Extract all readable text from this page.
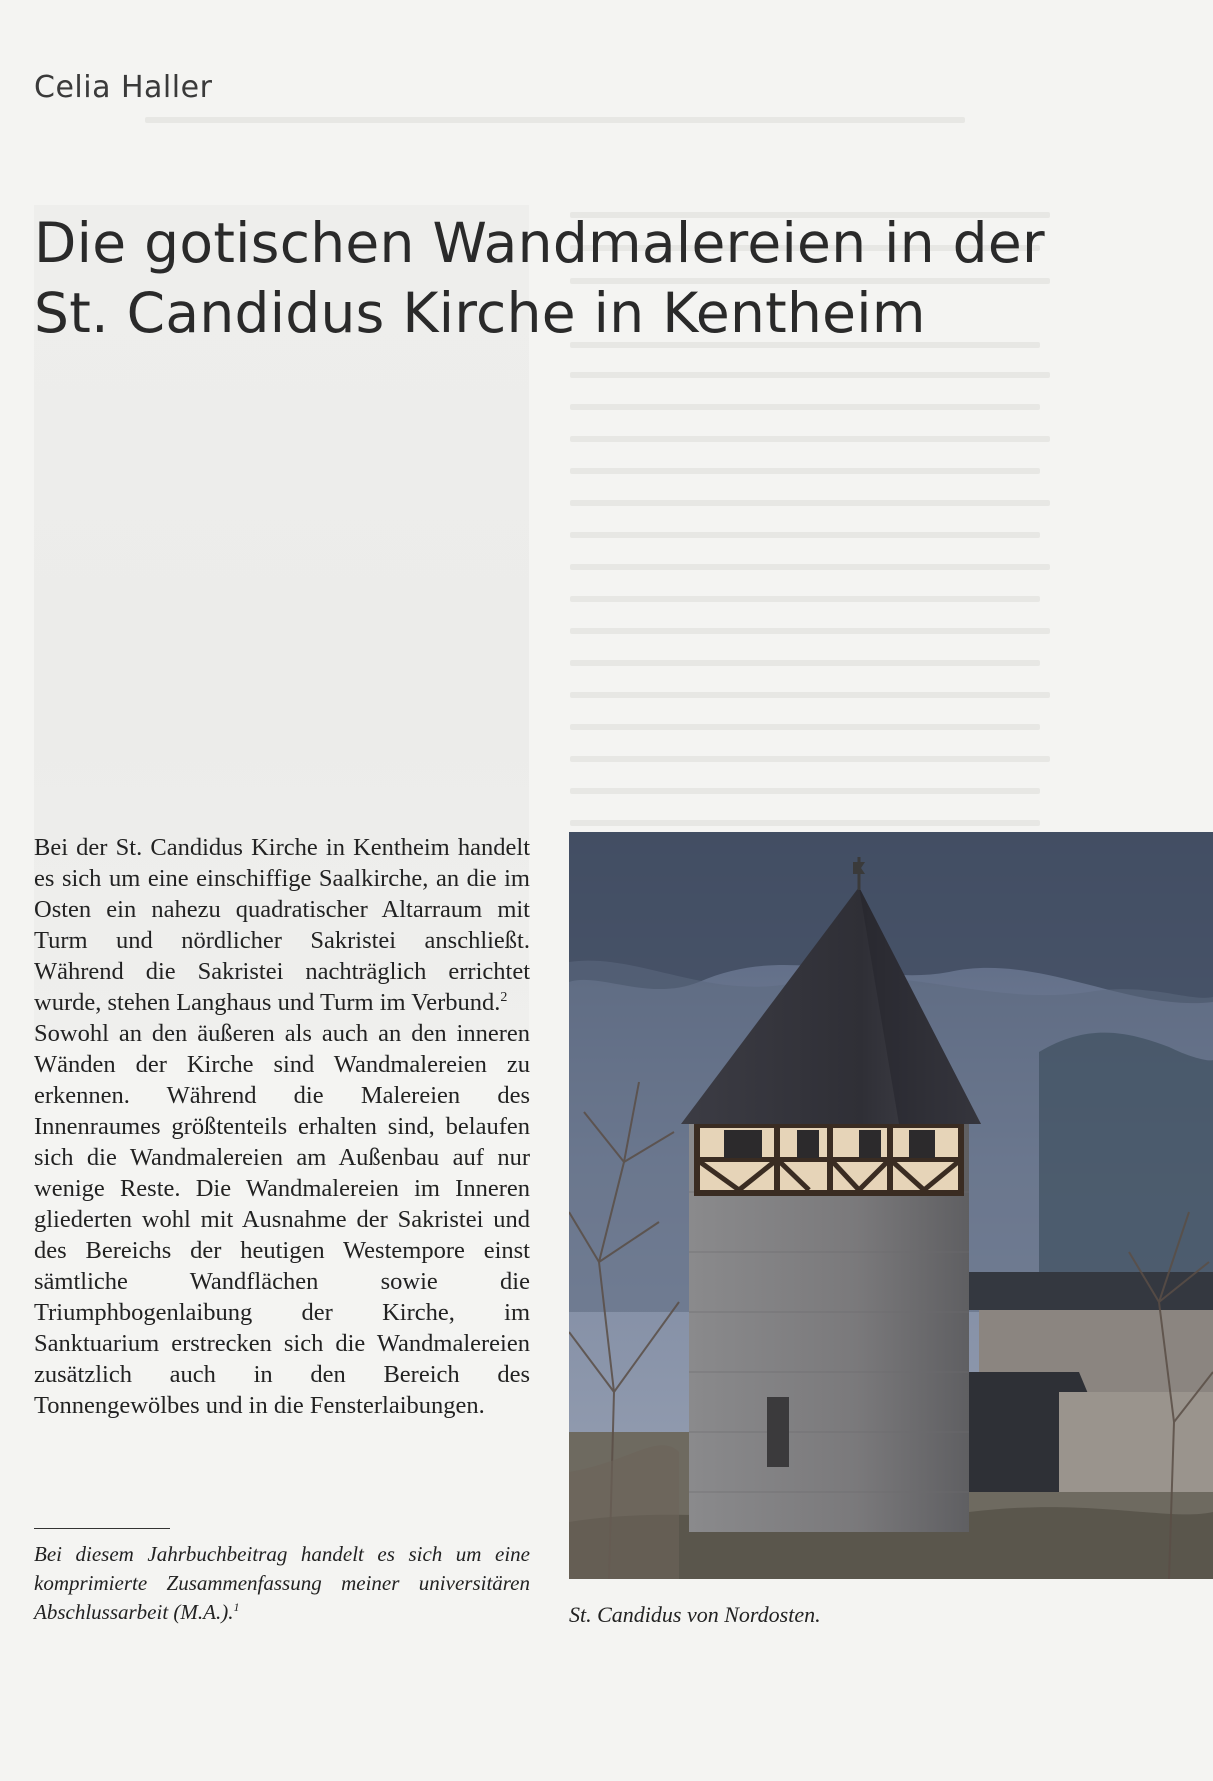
Celia Haller
Die gotischen Wandmalereien in der
St. Candidus Kirche in Kentheim

Bei der St. Candidus Kirche in Kentheim handelt es sich um eine einschiffige Saalkirche, an die im Osten ein nahezu quadratischer Altarraum mit Turm und nördlicher Sakristei anschließt. Während die Sakristei nachträglich errichtet wurde, stehen Langhaus und Turm im Verbund.$^2$

Sowohl an den äußeren als auch an den inneren Wänden der Kirche sind Wandmalereien zu erkennen. Während die Malereien des Innenraumes größtenteils erhalten sind, belaufen sich die Wandmalereien am Außenbau auf nur wenige Reste. Die Wandmalereien im Inneren gliederten wohl mit Ausnahme der Sakristei und des Bereichs der heutigen Westempore einst sämtliche Wandflächen sowie die Triumphbogenlaibung der Kirche, im Sanktuarium erstrecken sich die Wandmalereien zusätzlich auch in den Bereich des Tonnengewölbes und in die Fensterlaibungen.

Bei diesem Jahrbuchbeitrag handelt es sich um eine komprimierte Zusammenfassung meiner universitären Abschlussarbeit (M.A.).$^1$	St. Candidus von Nordosten.
